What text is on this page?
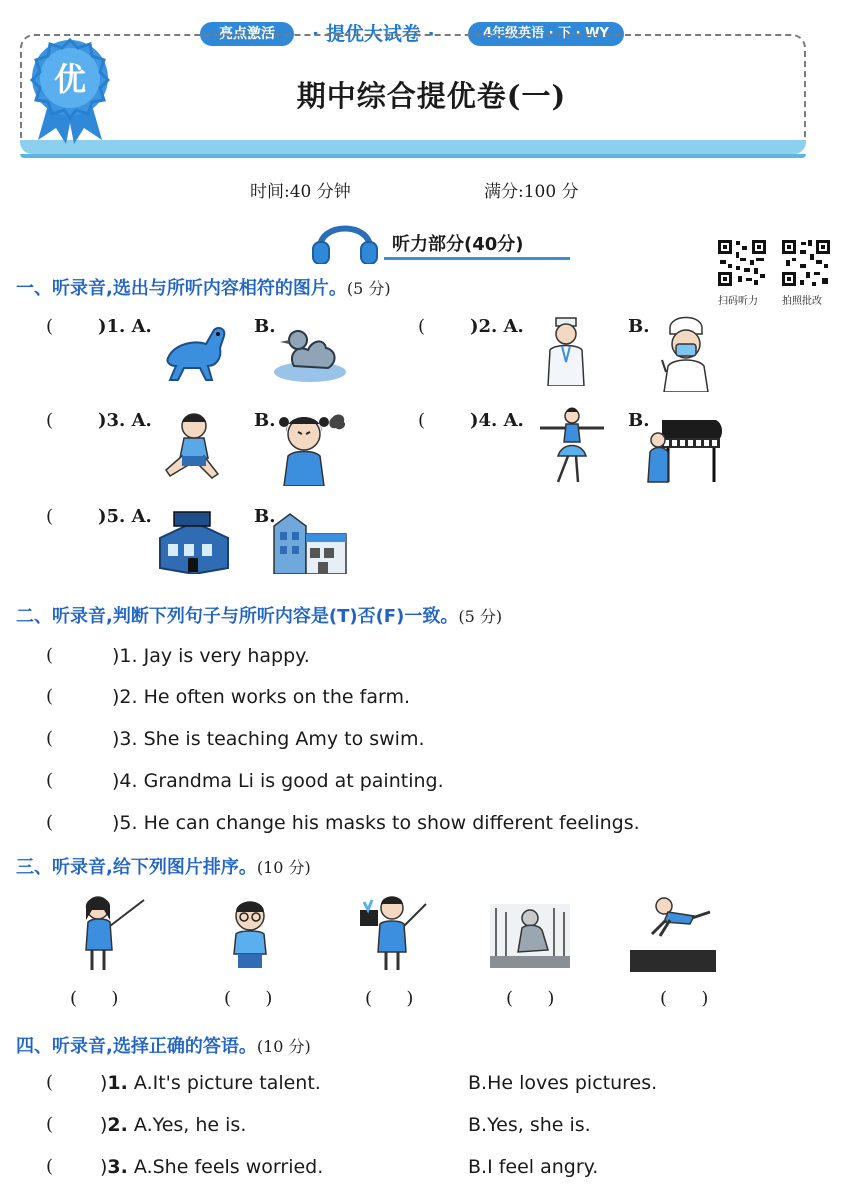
亮点激活	· 提优大试卷 ·	4年级英语 · 下 · WY
优	期中综合提优卷(一)
时间:40 分钟	满分:100 分
听力部分(40分)
扫码听力 拍照批改
一、听录音,选出与所听内容相符的图片。(5 分)
( )1. A.	B.	( )2. A.	B.
( )3. A.	B.	( )4. A.	B.
( )5. A.	B.
二、听录音,判断下列句子与所听内容是(T)否(F)一致。(5 分)
(	)1. Jay is very happy.
(	)2. He often works on the farm.
(	)3. She is teaching Amy to swim.
(	)4. Grandma Li is good at painting.
(	)5. He can change his masks to show different feelings.
三、听录音,给下列图片排序。(10 分)
(      )	(      )	(      )	(      )	(      )
四、听录音,选择正确的答语。(10 分)
( )1. A.It's picture talent.	B.He loves pictures.
( )2. A.Yes, he is.	B.Yes, she is.
( )3. A.She feels worried.	B.I feel angry.
